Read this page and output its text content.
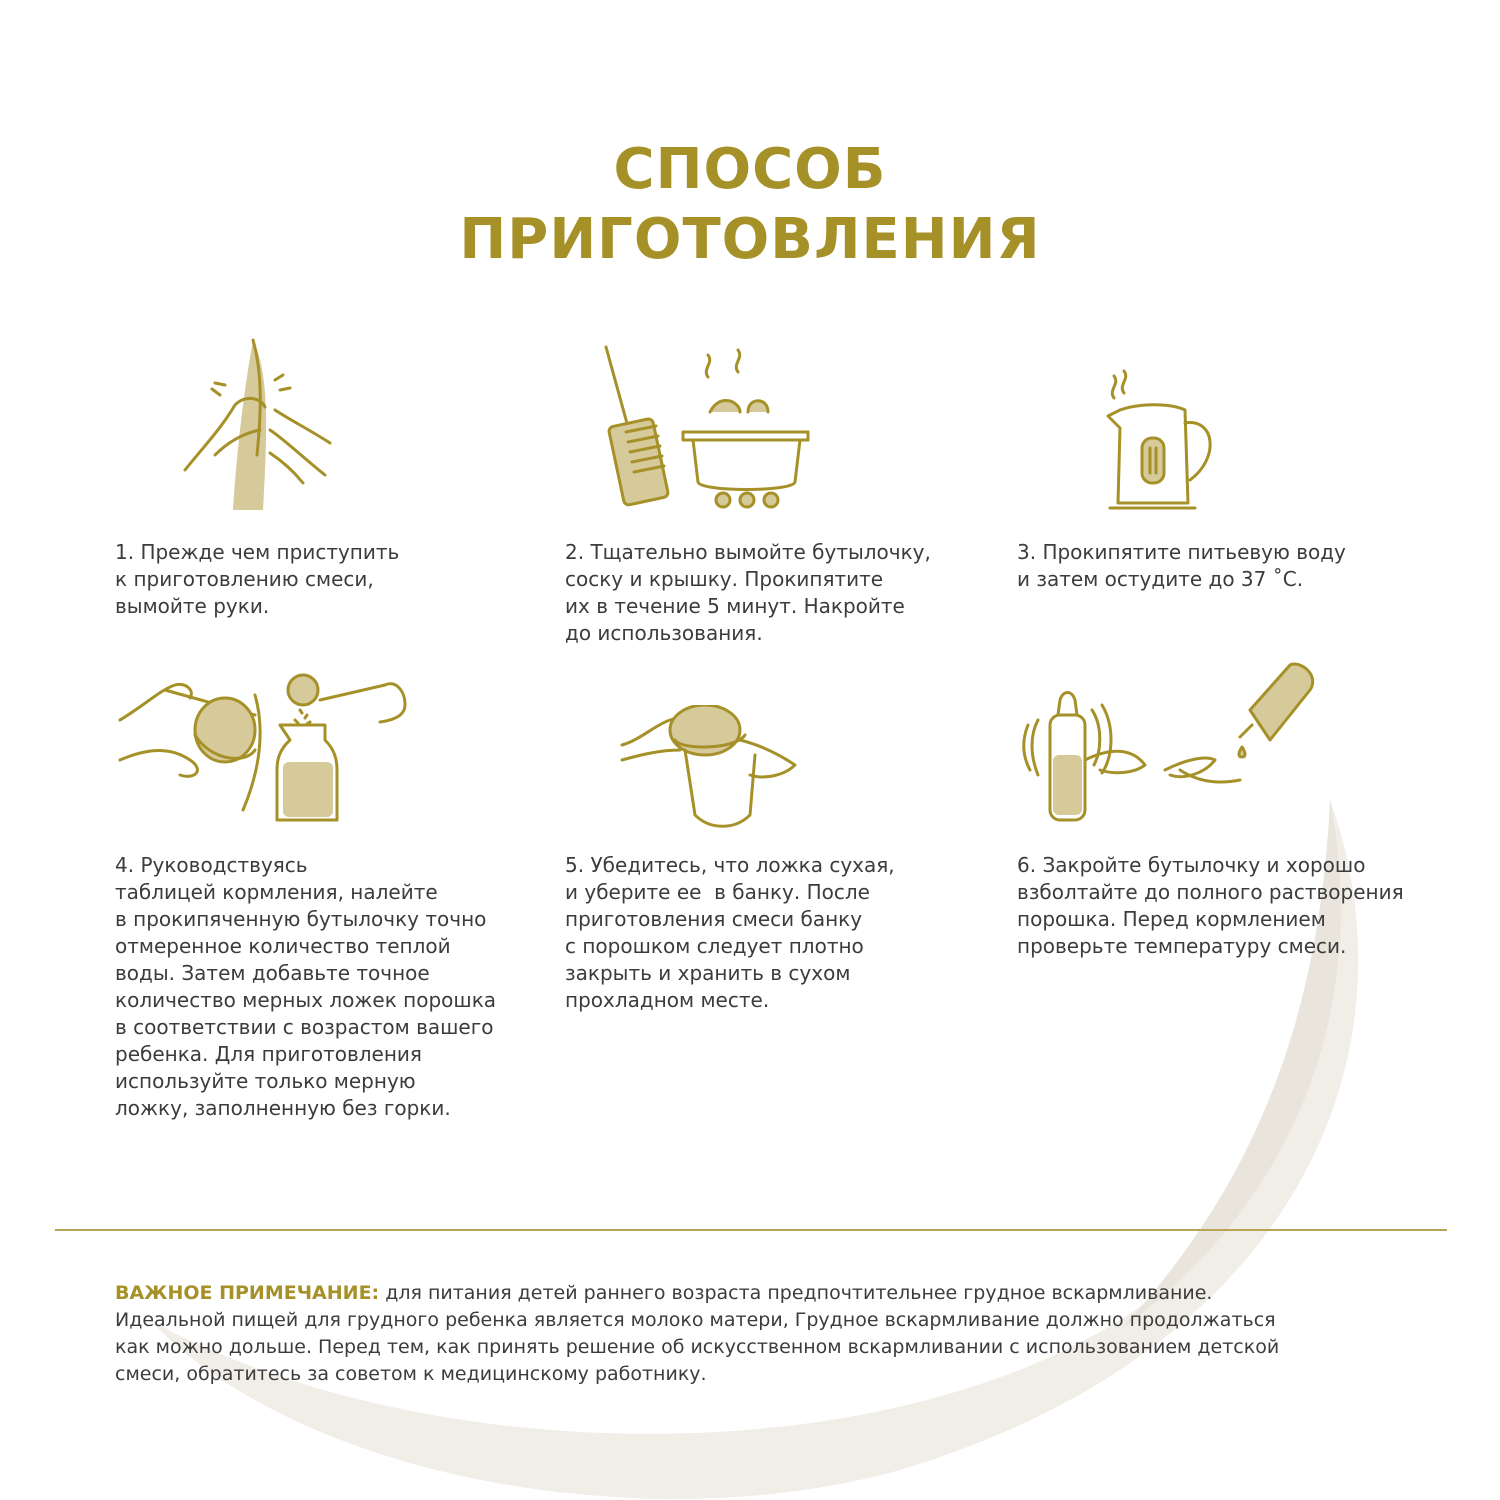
СПОСОБ
ПРИГОТОВЛЕНИЯ
1. Прежде чем приступить
к приготовлению смеси,
вымойте руки.
2. Тщательно вымойте бутылочку,
соску и крышку. Прокипятите
их в течение 5 минут. Накройте
до использования.
3. Прокипятите питьевую воду
и затем остудите до 37 ˚С.
4. Руководствуясь
таблицей кормления, налейте
в прокипяченную бутылочку точно
отмеренное количество теплой
воды. Затем добавьте точное
количество мерных ложек порошка
в соответствии с возрастом вашего
ребенка. Для приготовления
используйте только мерную
ложку, заполненную без горки.
5. Убедитесь, что ложка сухая,
и уберите ее  в банку. После
приготовления смеси банку
с порошком следует плотно
закрыть и хранить в сухом
прохладном месте.
6. Закройте бутылочку и хорошо
взболтайте до полного растворения
порошка. Перед кормлением
проверьте температуру смеси.
ВАЖНОЕ ПРИМЕЧАНИЕ: для питания детей раннего возраста предпочтительнее грудное вскармливание.
Идеальной пищей для грудного ребенка является молоко матери, Грудное вскармливание должно продолжаться
как можно дольше. Перед тем, как принять решение об искусственном вскармливании с использованием детской
смеси, обратитесь за советом к медицинскому работнику.
